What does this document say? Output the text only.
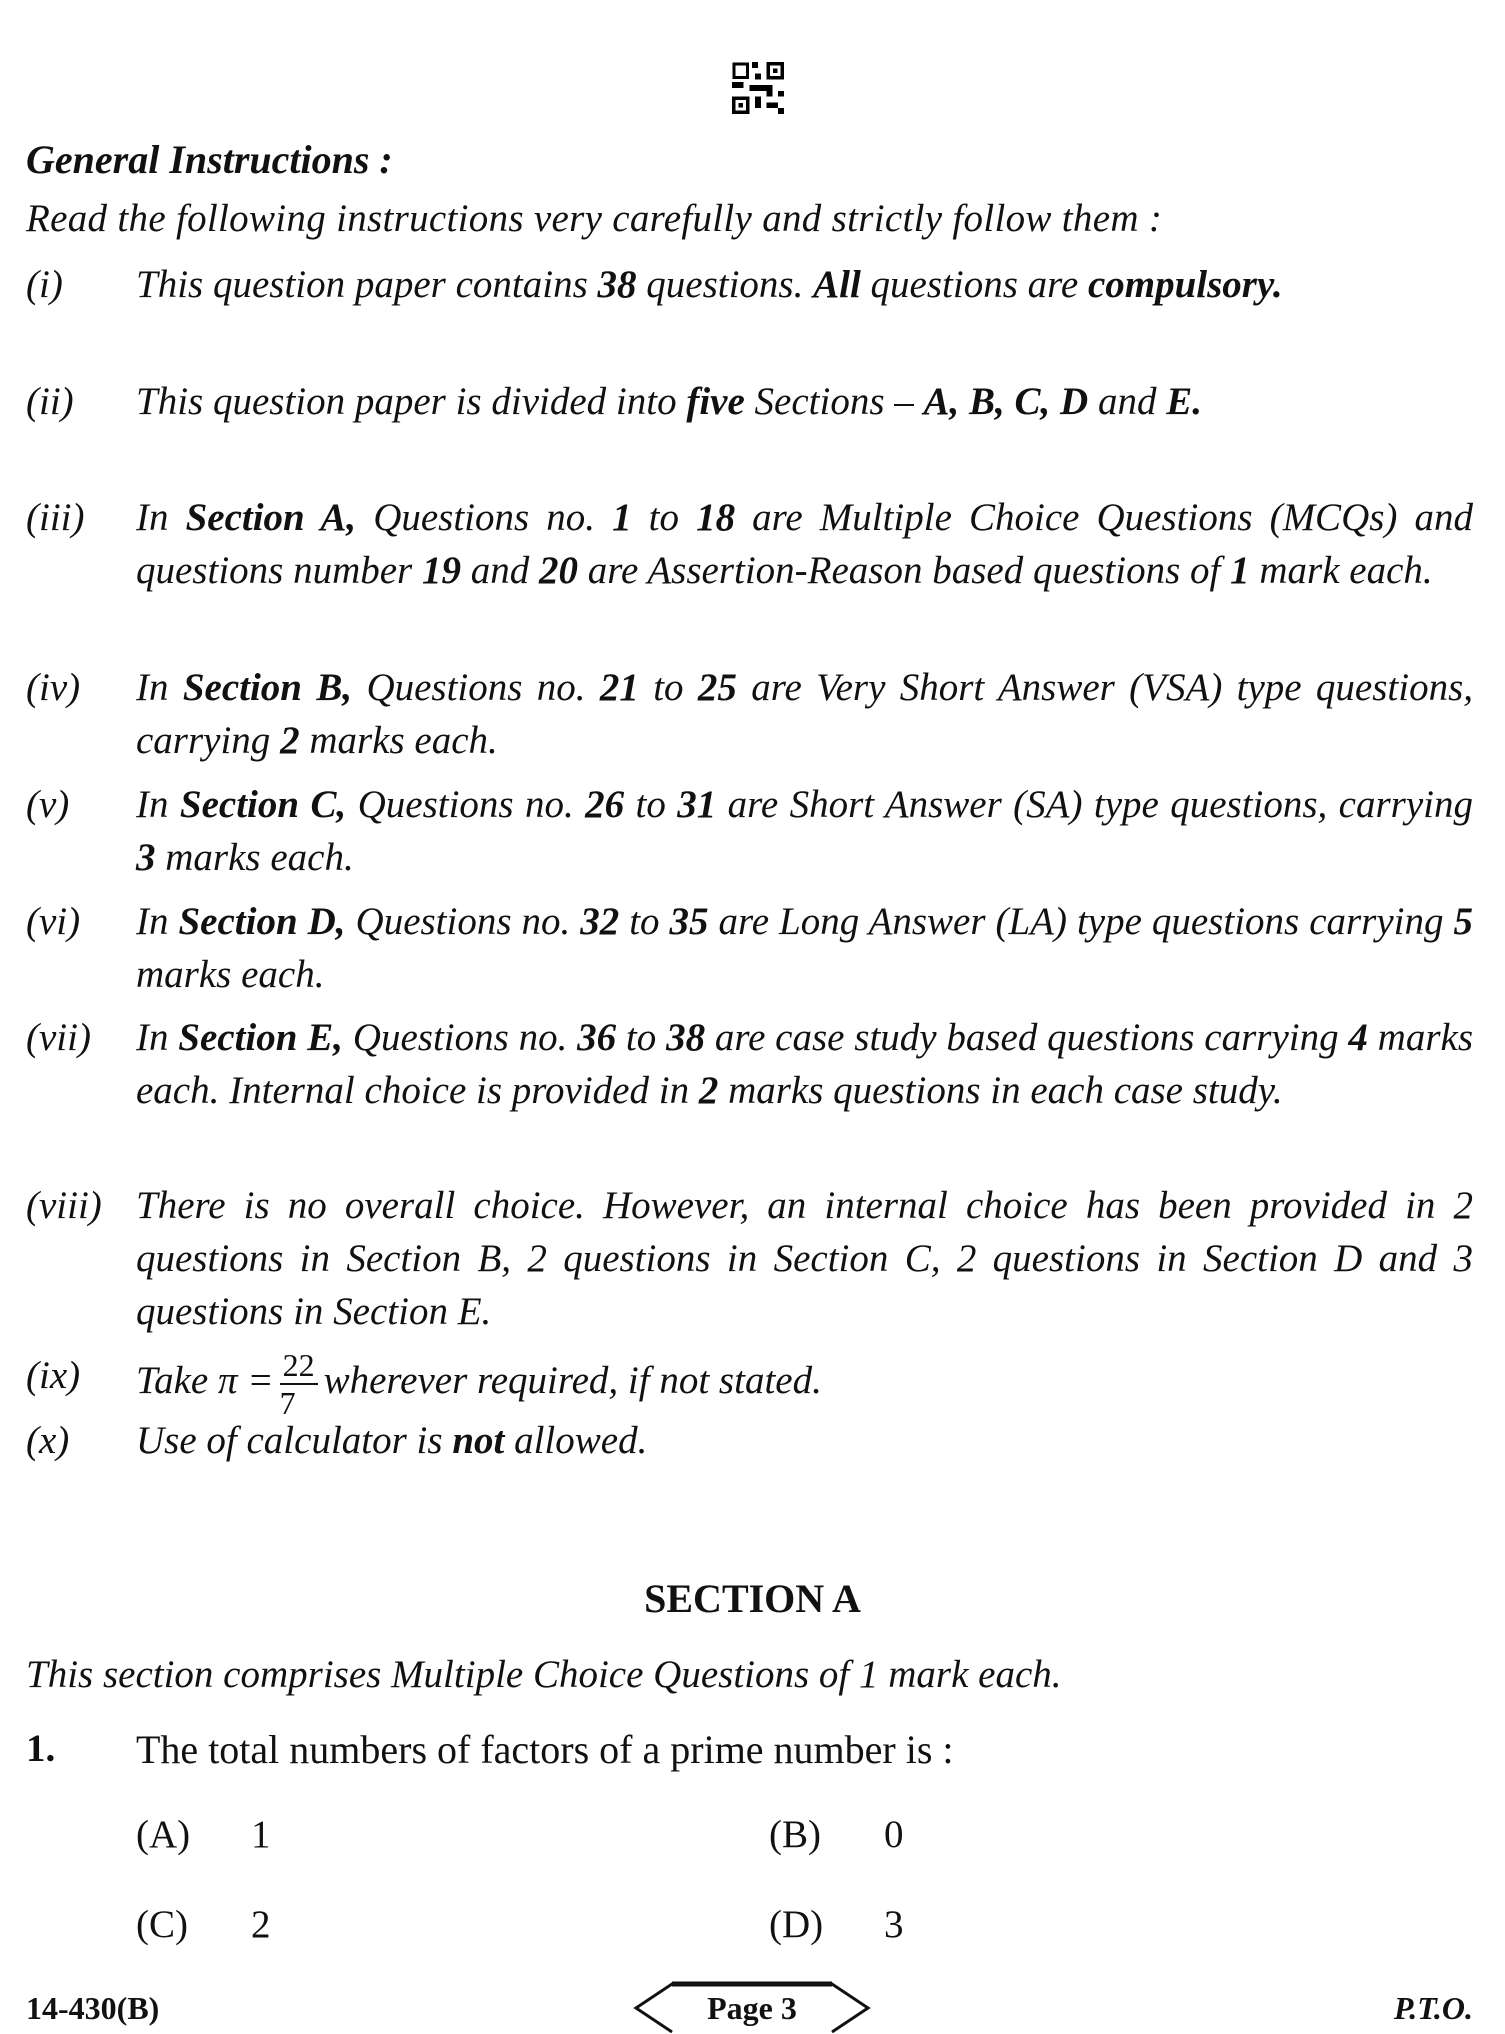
General Instructions :
Read the following instructions very carefully and strictly follow them :
(i) This question paper contains 38 questions. All questions are compulsory.
(ii) This question paper is divided into five Sections – A, B, C, D and E.
(iii) In Section A, Questions no. 1 to 18 are Multiple Choice Questions (MCQs) and questions number 19 and 20 are Assertion-Reason based questions of 1 mark each.
(iv) In Section B, Questions no. 21 to 25 are Very Short Answer (VSA) type questions, carrying 2 marks each.
(v) In Section C, Questions no. 26 to 31 are Short Answer (SA) type questions, carrying 3 marks each.
(vi) In Section D, Questions no. 32 to 35 are Long Answer (LA) type questions carrying 5 marks each.
(vii) In Section E, Questions no. 36 to 38 are case study based questions carrying 4 marks each. Internal choice is provided in 2 marks questions in each case study.
(viii) There is no overall choice. However, an internal choice has been provided in 2 questions in Section B, 2 questions in Section C, 2 questions in Section D and 3 questions in Section E.
(ix) Take $\pi = \frac{22}{7}$ wherever required, if not stated.
(x) Use of calculator is not allowed.
SECTION A
This section comprises Multiple Choice Questions of 1 mark each.
1. The total numbers of factors of a prime number is :
(A) 1	(B) 0
(C) 2	(D) 3
14-430(B)	Page 3	P.T.O.
